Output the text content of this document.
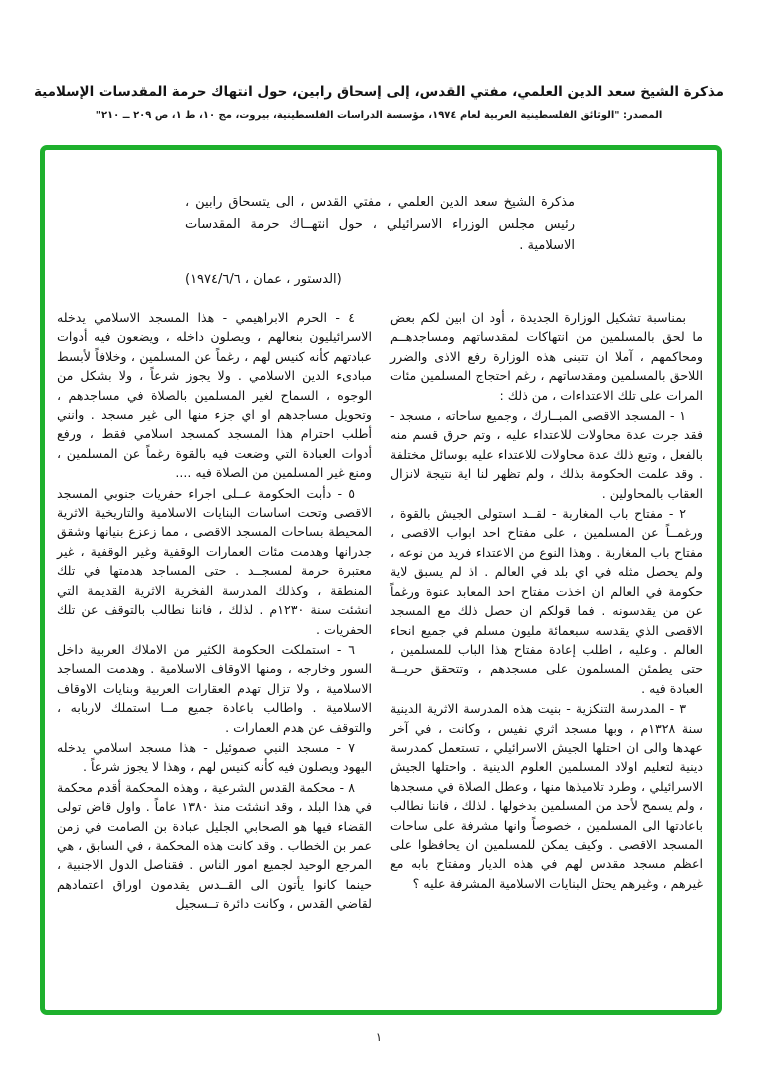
مذكرة الشيخ سعد الدين العلمي، مفتي القدس، إلى إسحاق رابين، حول انتهاك حرمة المقدسات الإسلامية
المصدر: "الوثائق الفلسطينية العربية لعام ١٩٧٤، مؤسسة الدراسات الفلسطينية، بيروت، مج ١٠، ط ١، ص ٢٠٩ ــ ٢١٠"
مذكرة الشيخ سعد الدين العلمي ، مفتي القدس ، الى يتسحاق رابين ، رئيس مجلس الوزراء الاسرائيلي ، حول انتهــاك حرمة المقدسات الاسلامية .
(الدستور ، عمان ، ١٩٧٤/٦/٦)

بمناسبة تشكيل الوزارة الجديدة ، أود ان ابين لكم بعض ما لحق بالمسلمين من انتهاكات لمقدساتهم ومساجدهــم ومحاكمهم ، آملا ان تتبنى هذه الوزارة رفع الاذى والضرر اللاحق بالمسلمين ومقدساتهم ، رغم احتجاج المسلمين مئات المرات على تلك الاعتداءات ، من ذلك :

١ - المسجد الاقصى المبــارك ، وجميع ساحاته ، مسجد - فقد جرت عدة محاولات للاعتداء عليه ، وتم حرق قسم منه بالفعل ، وتبع ذلك عدة محاولات للاعتداء عليه بوسائل مختلفة . وقد علمت الحكومة بذلك ، ولم تظهر لنا اية نتيجة لانزال العقاب بالمحاولين .

٢ - مفتاح باب المغاربة - لقــد استولى الجيش بالقوة ، ورغمــاً عن المسلمين ، على مفتاح احد ابواب الاقصى ، مفتاح باب المغاربة . وهذا النوع من الاعتداء فريد من نوعه ، ولم يحصل مثله في اي بلد في العالم . اذ لم يسبق لاية حكومة في العالم ان اخذت مفتاح احد المعابد عنوة ورغماً عن من يقدسونه . فما قولكم ان حصل ذلك مع المسجد الاقصى الذي يقدسه سبعمائة مليون مسلم في جميع انحاء العالم . وعليه ، اطلب إعادة مفتاح هذا الباب للمسلمين ، حتى يطمئن المسلمون على مسجدهم ، وتتحقق حريــة العبادة فيه .

٣ - المدرسة التنكزية - بنيت هذه المدرسة الاثرية الدينية سنة ١٣٢٨م ، وبها مسجد اثري نفيس ، وكانت ، في آخر عهدها والى ان احتلها الجيش الاسرائيلي ، تستعمل كمدرسة دينية لتعليم اولاد المسلمين العلوم الدينية . واحتلها الجيش الاسرائيلي ، وطرد تلاميذها منها ، وعطل الصلاة في مسجدها ، ولم يسمح لأحد من المسلمين بدخولها . لذلك ، فاننا نطالب باعادتها الى المسلمين ، خصوصاً وانها مشرفة على ساحات المسجد الاقصى . وكيف يمكن للمسلمين ان يحافظوا على اعظم مسجد مقدس لهم في هذه الديار ومفتاح بابه مع غيرهم ، وغيرهم يحتل البنايات الاسلامية المشرفة عليه ؟

٤ - الحرم الابراهيمي - هذا المسجد الاسلامي يدخله الاسرائيليون بنعالهم ، ويصلون داخله ، ويضعون فيه أدوات عبادتهم كأنه كنيس لهم ، رغماً عن المسلمين ، وخلافاً لأبسط مبادىء الدين الاسلامي . ولا يجوز شرعاً ، ولا بشكل من الوجوه ، السماح لغير المسلمين بالصلاة في مساجدهم ، وتحويل مساجدهم او اي جزء منها الى غير مسجد . وانني أطلب احترام هذا المسجد كمسجد اسلامي فقط ، ورفع أدوات العبادة التي وضعت فيه بالقوة رغماً عن المسلمين ، ومنع غير المسلمين من الصلاة فيه ....

٥ - دأبت الحكومة عــلى اجراء حفريات جنوبي المسجد الاقصى وتحت اساسات البنايات الاسلامية والتاريخية الاثرية المحيطة بساحات المسجد الاقصى ، مما زعزع بنيانها وشقق جدرانها وهدمت مئات العمارات الوقفية وغير الوقفية ، غير معتبرة حرمة لمسجــد . حتى المساجد هدمتها في تلك المنطقة ، وكذلك المدرسة الفخرية الاثرية القديمة التي انشئت سنة ١٢٣٠م . لذلك ، فاننا نطالب بالتوقف عن تلك الحفريات .

٦ - استملكت الحكومة الكثير من الاملاك العربية داخل السور وخارجه ، ومنها الاوقاف الاسلامية . وهدمت المساجد الاسلامية ، ولا تزال تهدم العقارات العربية وبنايات الاوقاف الاسلامية . واطالب باعادة جميع مــا استملك لاربابه ، والتوقف عن هدم العمارات .

٧ - مسجد النبي صموئيل - هذا مسجد اسلامي يدخله اليهود ويصلون فيه كأنه كنيس لهم ، وهذا لا يجوز شرعاً .

٨ - محكمة القدس الشرعية ، وهذه المحكمة أقدم محكمة في هذا البلد ، وقد انشئت منذ ١٣٨٠ عاماً . واول قاض تولى القضاء فيها هو الصحابي الجليل عبادة بن الصامت في زمن عمر بن الخطاب . وقد كانت هذه المحكمة ، في السابق ، هي المرجع الوحيد لجميع امور الناس . فقناصل الدول الاجنبية ، حينما كانوا يأتون الى القــدس يقدمون اوراق اعتمادهم لقاضي القدس ، وكانت دائرة تــسجيل

١
